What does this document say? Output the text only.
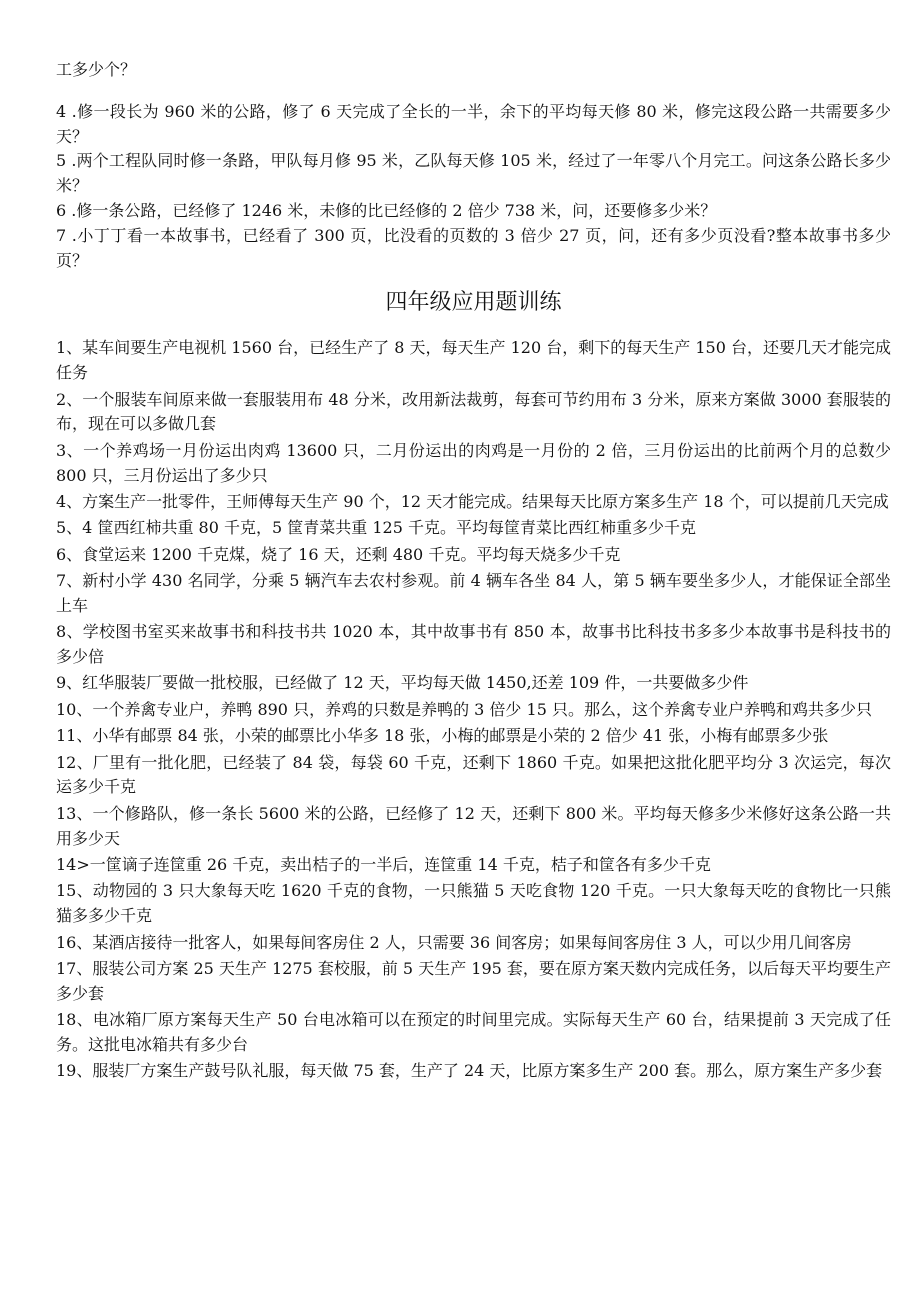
工多少个？

4 .修一段长为 960 米的公路，修了 6 天完成了全长的一半，余下的平均每天修 80 米，修完这段公路一共需要多少天？

5 .两个工程队同时修一条路，甲队每月修 95 米，乙队每天修 105 米，经过了一年零八个月完工。问这条公路长多少米？

6 .修一条公路，已经修了 1246 米，未修的比已经修的 2 倍少 738 米，问，还要修多少米？

7 .小丁丁看一本故事书，已经看了 300 页，比没看的页数的 3 倍少 27 页，问，还有多少页没看?整本故事书多少页？

四年级应用题训练

1、某车间要生产电视机 1560 台，已经生产了 8 天，每天生产 120 台，剩下的每天生产 150 台，还要几天才能完成任务

2、一个服装车间原来做一套服装用布 48 分米，改用新法裁剪，每套可节约用布 3 分米，原来方案做 3000 套服装的布，现在可以多做几套

3、一个养鸡场一月份运出肉鸡 13600 只，二月份运出的肉鸡是一月份的 2 倍，三月份运出的比前两个月的总数少 800 只，三月份运出了多少只

4、方案生产一批零件，王师傅每天生产 90 个，12 天才能完成。结果每天比原方案多生产 18 个，可以提前几天完成

5、4 筐西红柿共重 80 千克，5 筐青菜共重 125 千克。平均每筐青菜比西红柿重多少千克

6、食堂运来 1200 千克煤，烧了 16 天，还剩 480 千克。平均每天烧多少千克

7、新村小学 430 名同学，分乘 5 辆汽车去农村参观。前 4 辆车各坐 84 人，第 5 辆车要坐多少人，才能保证全部坐上车

8、学校图书室买来故事书和科技书共 1020 本，其中故事书有 850 本，故事书比科技书多多少本故事书是科技书的多少倍

9、红华服装厂要做一批校服，已经做了 12 天，平均每天做 1450,还差 109 件，一共要做多少件

10、一个养禽专业户，养鸭 890 只，养鸡的只数是养鸭的 3 倍少 15 只。那么，这个养禽专业户养鸭和鸡共多少只

11、小华有邮票 84 张，小荣的邮票比小华多 18 张，小梅的邮票是小荣的 2 倍少 41 张，小梅有邮票多少张

12、厂里有一批化肥，已经装了 84 袋，每袋 60 千克，还剩下 1860 千克。如果把这批化肥平均分 3 次运完，每次运多少千克

13、一个修路队，修一条长 5600 米的公路，已经修了 12 天，还剩下 800 米。平均每天修多少米修好这条公路一共用多少天

14>一筐谪子连筐重 26 千克，卖出桔子的一半后，连筐重 14 千克，桔子和筐各有多少千克

15、动物园的 3 只大象每天吃 1620 千克的食物，一只熊猫 5 天吃食物 120 千克。一只大象每天吃的食物比一只熊猫多多少千克

16、某酒店接待一批客人，如果每间客房住 2 人，只需要 36 间客房；如果每间客房住 3 人，可以少用几间客房

17、服装公司方案 25 天生产 1275 套校服，前 5 天生产 195 套，要在原方案天数内完成任务，以后每天平均要生产多少套

18、电冰箱厂原方案每天生产 50 台电冰箱可以在预定的时间里完成。实际每天生产 60 台，结果提前 3 天完成了任务。这批电冰箱共有多少台

19、服装厂方案生产鼓号队礼服，每天做 75 套，生产了 24 天，比原方案多生产 200 套。那么，原方案生产多少套
